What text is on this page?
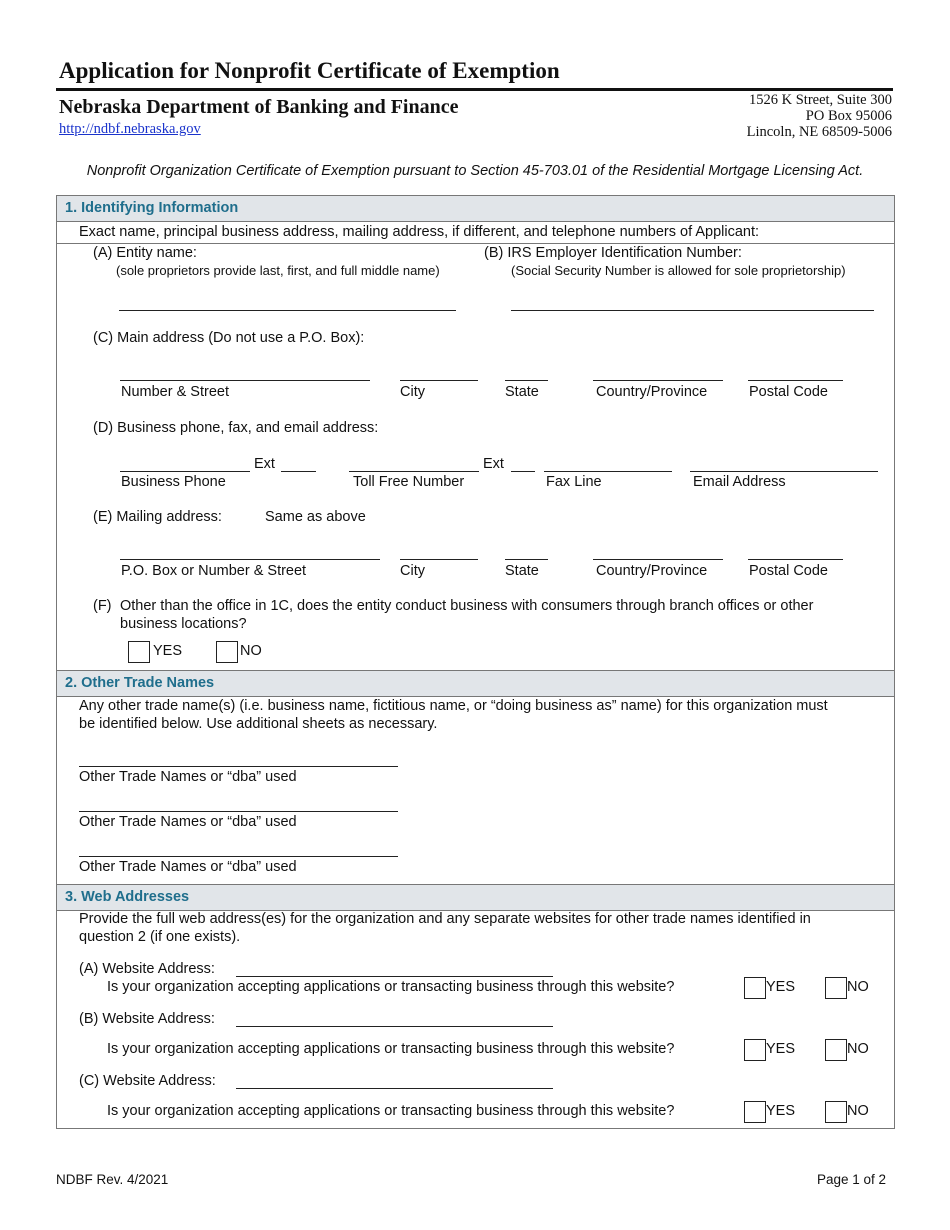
Application for Nonprofit Certificate of Exemption
Nebraska Department of Banking and Finance
http://ndbf.nebraska.gov
1526 K Street, Suite 300
PO Box 95006
Lincoln, NE 68509-5006
Nonprofit Organization Certificate of Exemption pursuant to Section 45-703.01 of the Residential Mortgage Licensing Act.
1. Identifying Information
Exact name, principal business address, mailing address, if different, and telephone numbers of Applicant:
(A) Entity name:
(sole proprietors provide last, first, and full middle name)
(B) IRS Employer Identification Number:
(Social Security Number is allowed for sole proprietorship)
(C) Main address (Do not use a P.O. Box):
Number & Street	City	State	Country/Province	Postal Code
(D) Business phone, fax, and email address:
Ext	Ext
Business Phone	Toll Free Number	Fax Line	Email Address
(E) Mailing address:	Same as above
P.O. Box or Number & Street	City	State	Country/Province	Postal Code
(F) Other than the office in 1C, does the entity conduct business with consumers through branch offices or other
business locations?
YES	NO
2. Other Trade Names
Any other trade name(s) (i.e. business name, fictitious name, or “doing business as” name) for this organization must
be identified below. Use additional sheets as necessary.
Other Trade Names or “dba” used
Other Trade Names or “dba” used
Other Trade Names or “dba” used
3. Web Addresses
Provide the full web address(es) for the organization and any separate websites for other trade names identified in
question 2 (if one exists).
(A) Website Address:
Is your organization accepting applications or transacting business through this website?	YES	NO
(B) Website Address:
Is your organization accepting applications or transacting business through this website?	YES	NO
(C) Website Address:
Is your organization accepting applications or transacting business through this website?	YES	NO
NDBF Rev. 4/2021	Page 1 of 2
